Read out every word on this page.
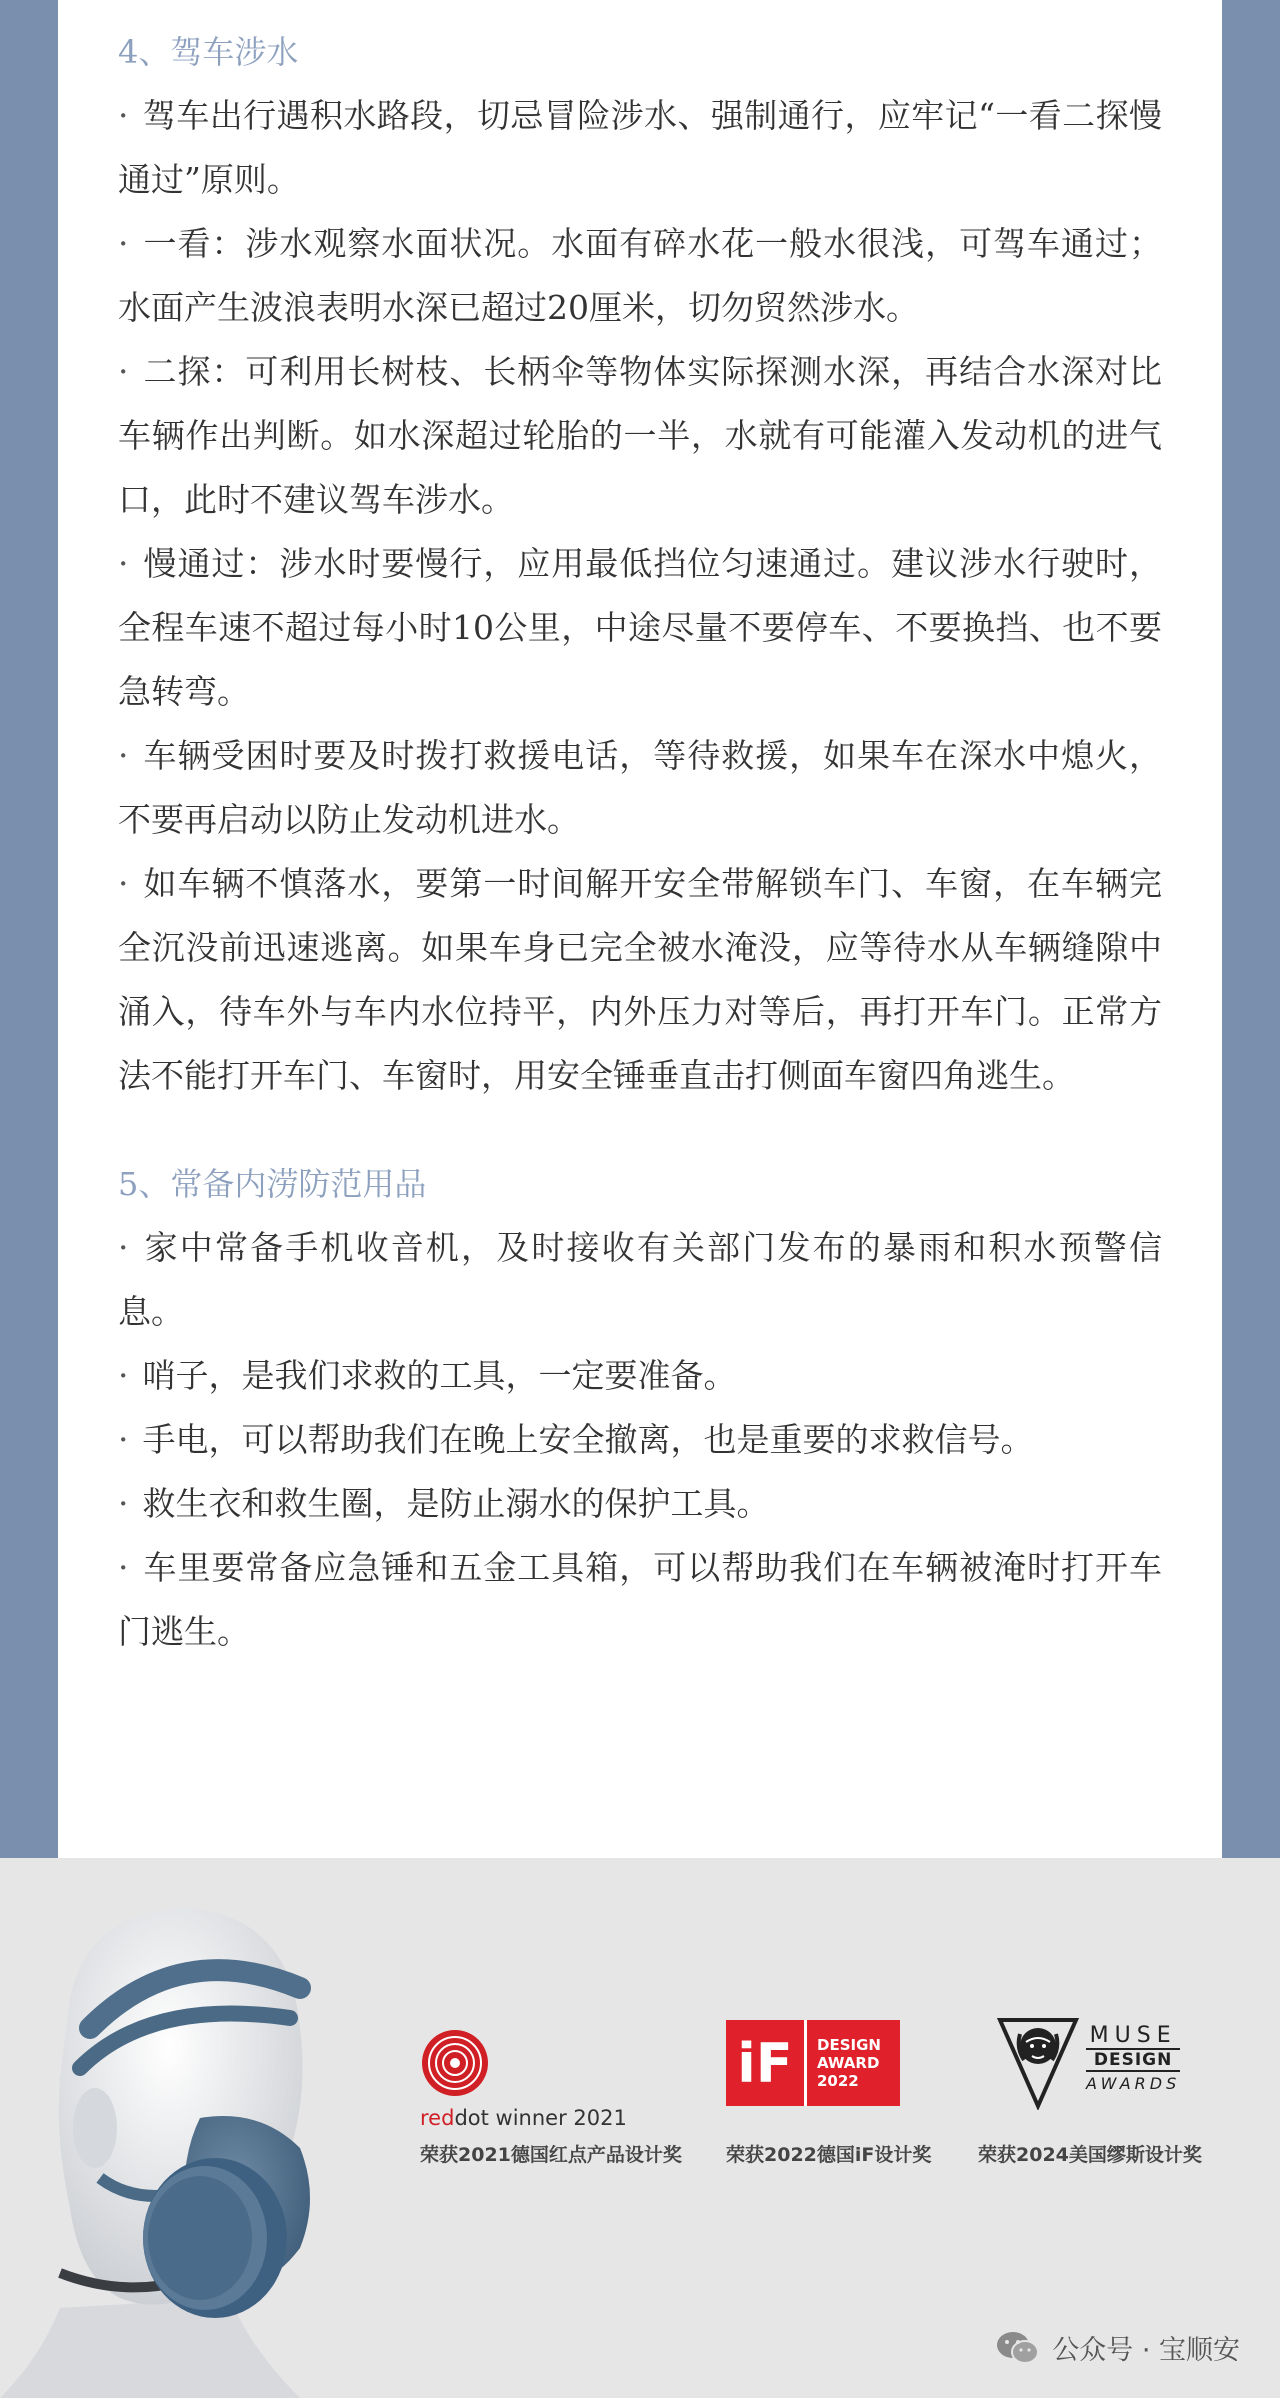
4、驾车涉水

· 驾车出行遇积水路段，切忌冒险涉水、强制通行，应牢记“一看二探慢通过”原则。

· 一看：涉水观察水面状况。水面有碎水花一般水很浅，可驾车通过；水面产生波浪表明水深已超过20厘米，切勿贸然涉水。

· 二探：可利用长树枝、长柄伞等物体实际探测水深，再结合水深对比车辆作出判断。如水深超过轮胎的一半，水就有可能灌入发动机的进气口，此时不建议驾车涉水。

· 慢通过：涉水时要慢行，应用最低挡位匀速通过。建议涉水行驶时，全程车速不超过每小时10公里，中途尽量不要停车、不要换挡、也不要急转弯。

· 车辆受困时要及时拨打救援电话，等待救援，如果车在深水中熄火，不要再启动以防止发动机进水。

· 如车辆不慎落水，要第一时间解开安全带解锁车门、车窗，在车辆完全沉没前迅速逃离。如果车身已完全被水淹没，应等待水从车辆缝隙中涌入，待车外与车内水位持平，内外压力对等后，再打开车门。正常方法不能打开车门、车窗时，用安全锤垂直击打侧面车窗四角逃生。

5、常备内涝防范用品

· 家中常备手机收音机，及时接收有关部门发布的暴雨和积水预警信息。

· 哨子，是我们求救的工具，一定要准备。

· 手电，可以帮助我们在晚上安全撤离，也是重要的求救信号。

· 救生衣和救生圈，是防止溺水的保护工具。

· 车里要常备应急锤和五金工具箱，可以帮助我们在车辆被淹时打开车门逃生。

reddot winner 2021
荣获2021德国红点产品设计奖
iF	DESIGN
AWARD
2022
荣获2022德国iF设计奖
MUSE
DESIGN
AWARDS
荣获2024美国缪斯设计奖
公众号 · 宝顺安
